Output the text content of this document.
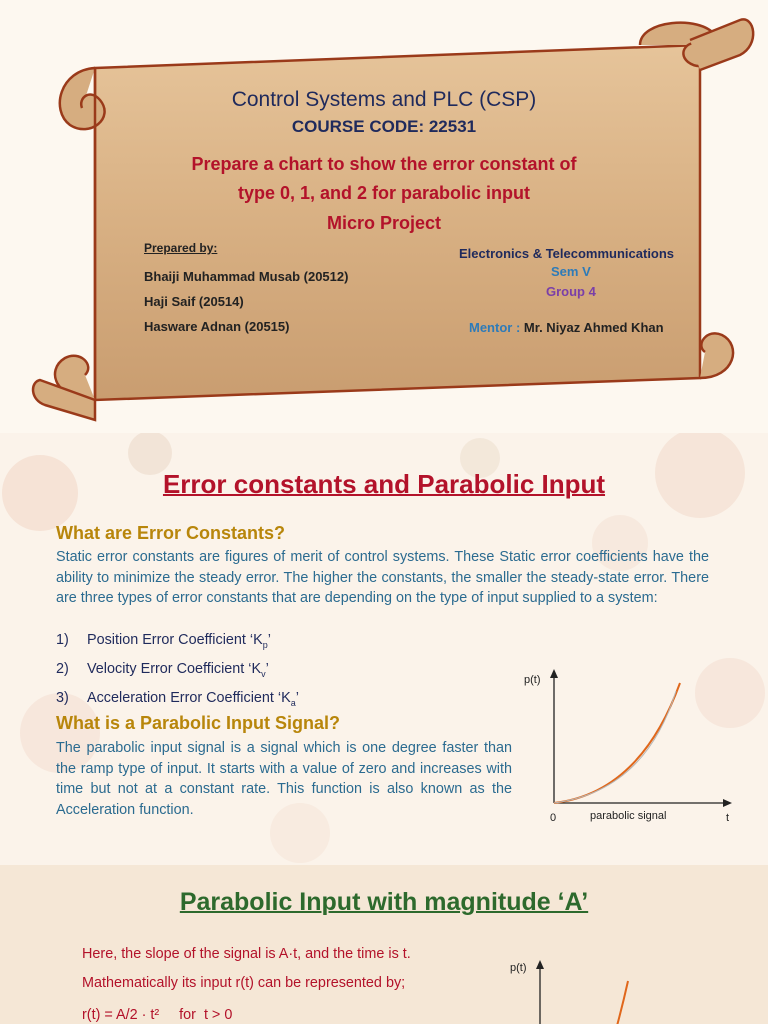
Control Systems and PLC (CSP)
COURSE CODE: 22531
Prepare a chart to show the error constant of
type 0, 1, and 2 for parabolic input
Micro Project
Prepared by:
Bhaiji Muhammad Musab (20512)
Haji Saif (20514)
Hasware Adnan (20515)
Electronics & Telecommunications
Sem V
Group 4
Mentor : Mr. Niyaz Ahmed Khan
Error constants and Parabolic Input
What are Error Constants?
Static error constants are figures of merit of control systems. These Static error coefficients have the ability to minimize the steady error. The higher the constants, the smaller the steady-state error. There are three types of error constants that are depending on the type of input supplied to a system:
1) Position Error Coefficient ‘$K_p$’
2) Velocity Error Coefficient ‘$K_v$’
3) Acceleration Error Coefficient ‘$K_a$’
What is a Parabolic Input Signal?
The parabolic input signal is a signal which is one degree faster than the ramp type of input. It starts with a value of zero and increases with time but not at a constant rate. This function is also known as the Acceleration function.
p(t)
0	parabolic signal	t
Parabolic Input with magnitude ‘A’
Here, the slope of the signal is A·t, and the time is t.
Mathematically its input r(t) can be represented by;
r(t) = A/2 · t²     for  t > 0
p(t)
